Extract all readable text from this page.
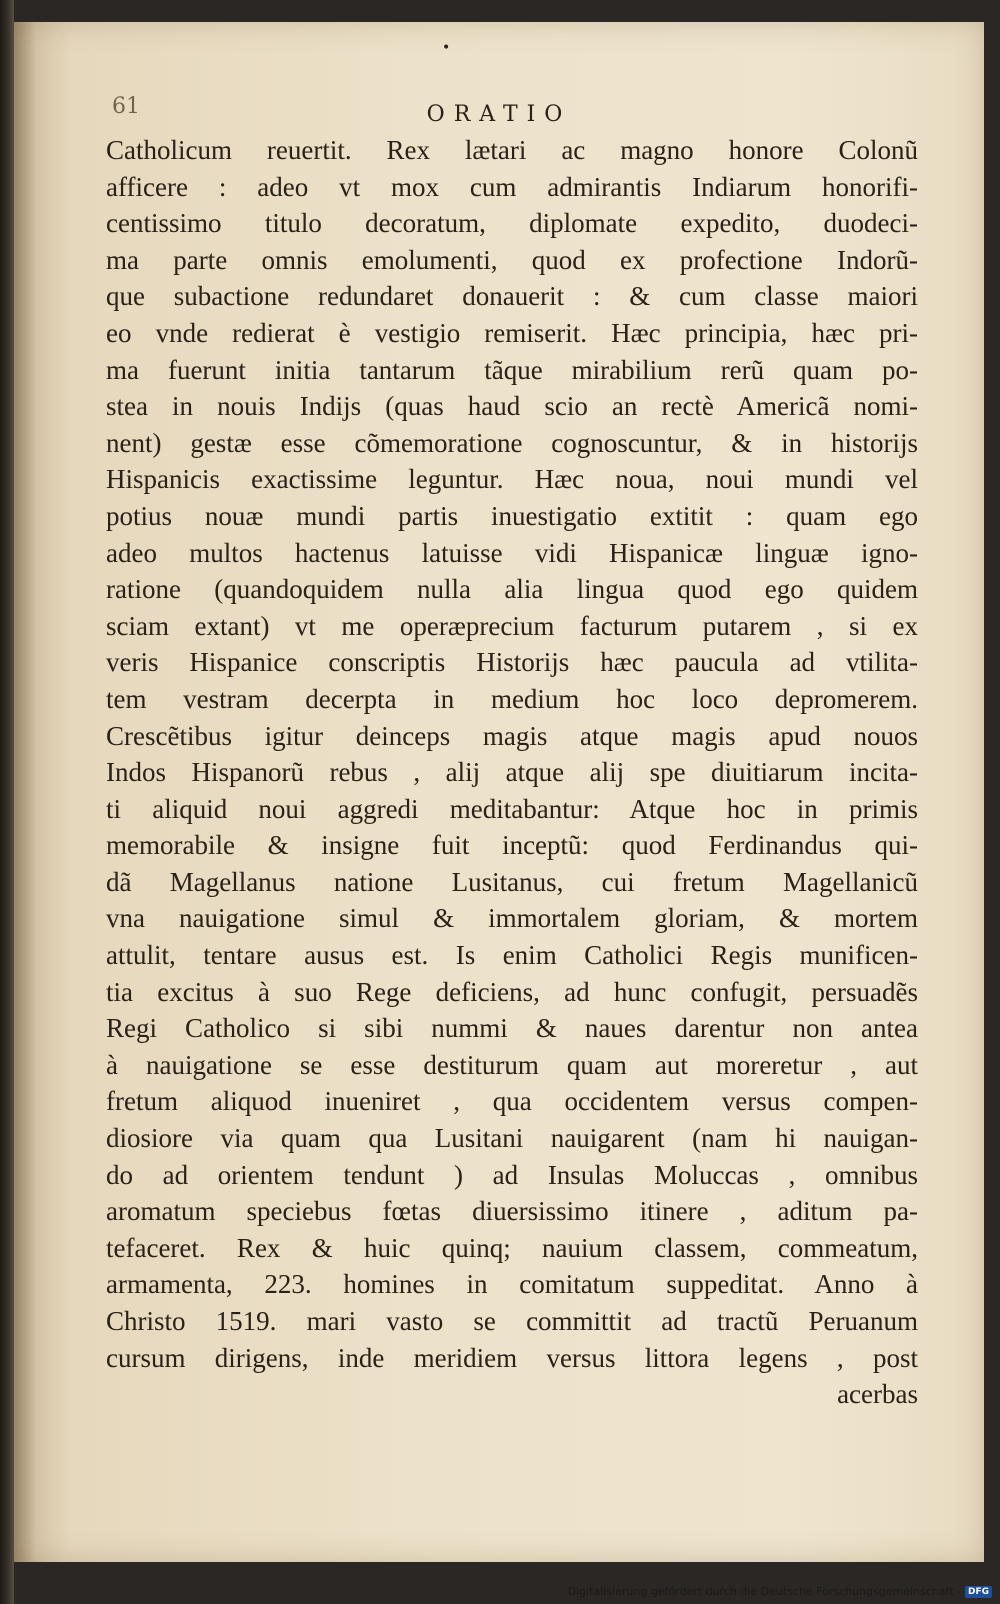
•
61	ORATIO
Catholicum reuertit. Rex lætari ac magno honore Colonũ
afficere : adeo vt mox cum admirantis Indiarum honorifi-
centissimo titulo decoratum, diplomate expedito, duodeci-
ma parte omnis emolumenti, quod ex profectione Indorũ-
que subactione redundaret donauerit : & cum classe maiori
eo vnde redierat è vestigio remiserit. Hæc principia, hæc pri-
ma fuerunt initia tantarum tãque mirabilium rerũ quam po-
stea in nouis Indijs (quas haud scio an rectè Americã nomi-
nent) gestæ esse cõmemoratione cognoscuntur, & in historijs
Hispanicis exactissime leguntur. Hæc noua, noui mundi vel
potius nouæ mundi partis inuestigatio extitit : quam ego
adeo multos hactenus latuisse vidi Hispanicæ linguæ igno-
ratione (quandoquidem nulla alia lingua quod ego quidem
sciam extant) vt me operæprecium facturum putarem , si ex
veris Hispanice conscriptis Historijs hæc paucula ad vtilita-
tem vestram decerpta in medium hoc loco depromerem.
Crescẽtibus igitur deinceps magis atque magis apud nouos
Indos Hispanorũ rebus , alij atque alij spe diuitiarum incita-
ti aliquid noui aggredi meditabantur: Atque hoc in primis
memorabile & insigne fuit inceptũ: quod Ferdinandus qui-
dã Magellanus natione Lusitanus, cui fretum Magellanicũ
vna nauigatione simul & immortalem gloriam, & mortem
attulit, tentare ausus est. Is enim Catholici Regis munificen-
tia excitus à suo Rege deficiens, ad hunc confugit, persuadẽs
Regi Catholico si sibi nummi & naues darentur non antea
à nauigatione se esse destiturum quam aut moreretur , aut
fretum aliquod inueniret , qua occidentem versus compen-
diosiore via quam qua Lusitani nauigarent (nam hi nauigan-
do ad orientem tendunt ) ad Insulas Moluccas , omnibus
aromatum speciebus fœtas diuersissimo itinere , aditum pa-
tefaceret. Rex & huic quinq; nauium classem, commeatum,
armamenta, 223. homines in comitatum suppeditat. Anno à
Christo 1519. mari vasto se committit ad tractũ Peruanum
cursum dirigens, inde meridiem versus littora legens , post
acerbas
Digitalisierung gefördert durch die Deutsche Forschungsgemeinschaft - DFG
